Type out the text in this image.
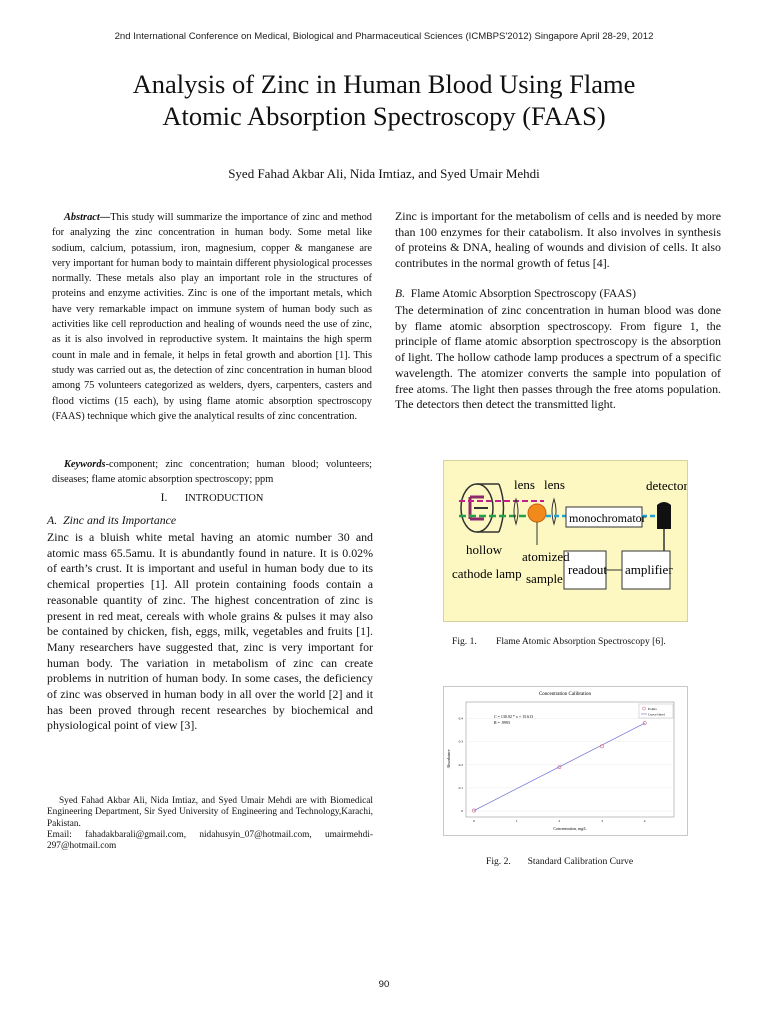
2nd International Conference on Medical, Biological and Pharmaceutical Sciences (ICMBPS'2012) Singapore April 28-29, 2012
Analysis of Zinc in Human Blood Using Flame
Atomic Absorption Spectroscopy (FAAS)
Syed Fahad Akbar Ali, Nida Imtiaz, and Syed Umair Mehdi

Abstract—This study will summarize the importance of zinc and method for analyzing the zinc concentration in human body. Some metal like sodium, calcium, potassium, iron, magnesium, copper & manganese are very important for human body to maintain different physiological processes normally. These metals also play an important role in the structures of proteins and enzyme activities. Zinc is one of the important metals, which have very remarkable impact on immune system of human body such as activities like cell reproduction and healing of wounds need the use of zinc, as it is also involved in reproductive system. It maintains the high sperm count in male and in female, it helps in fetal growth and abortion [1]. This study was carried out as, the detection of zinc concentration in human blood among 75 volunteers categorized as welders, dyers, carpenters, casters and flood victims (15 each), by using flame atomic absorption spectroscopy (FAAS) technique which give the analytical results of zinc concentration.

Keywords-component; zinc concentration; human blood; volunteers; diseases; flame atomic absorption spectroscopy; ppm

I. INTRODUCTION
A. Zinc and its Importance

Zinc is a bluish white metal having an atomic number 30 and atomic mass 65.5amu. It is abundantly found in nature. It is 0.02% of earth’s crust. It is important and useful in human body due to its chemical properties [1]. All protein containing foods contain a reasonable quantity of zinc. The highest concentration of zinc is present in red meat, cereals with whole grains & pulses it may also be contained by chicken, fish, eggs, milk, vegetables and fruits [1]. Many researchers have suggested that, zinc is very important for human body. The variation in metabolism of zinc can create problems in nutrition of human body. In some cases, the deficiency of zinc was observed in human body in all over the world [2] and it has been proved through recent researches by biochemical and physiological point of view [3].

Syed Fahad Akbar Ali, Nida Imtiaz, and Syed Umair Mehdi are with Biomedical Engineering Department, Sir Syed University of Engineering and Technology,Karachi, Pakistan.
Email: fahadakbarali@gmail.com, nidahusyin_07@hotmail.com, umairmehdi-297@hotmail.com

Zinc is important for the metabolism of cells and is needed by more than 100 enzymes for their catabolism. It also involves in synthesis of proteins & DNA, healing of wounds and division of cells. It also contributes in the normal growth of fetus [4].

B. Flame Atomic Absorption Spectroscopy (FAAS)

The determination of zinc concentration in human blood was done by flame atomic absorption spectroscopy. From figure 1, the principle of flame atomic absorption spectroscopy is the absorption of light. The hollow cathode lamp produces a spectrum of a specific wavelength. The atomizer converts the sample into population of free atoms. The light then passes through the free atoms population. The detectors then detect the transmitted light.

lens lens	detector
monochromator
hollow
cathode lamp
atomized
sample
readout amplifier
Fig. 1. Flame Atomic Absorption Spectroscopy [6].
Concentration Calibration
0	1	2	3	4
0
0.1
0.2
0.3
0.4	C = 130.92 * x + 15.613
R = .9993
Points
Curve fitted
Concentration, mg/L
Absorbance
Fig. 2. Standard Calibration Curve
90
